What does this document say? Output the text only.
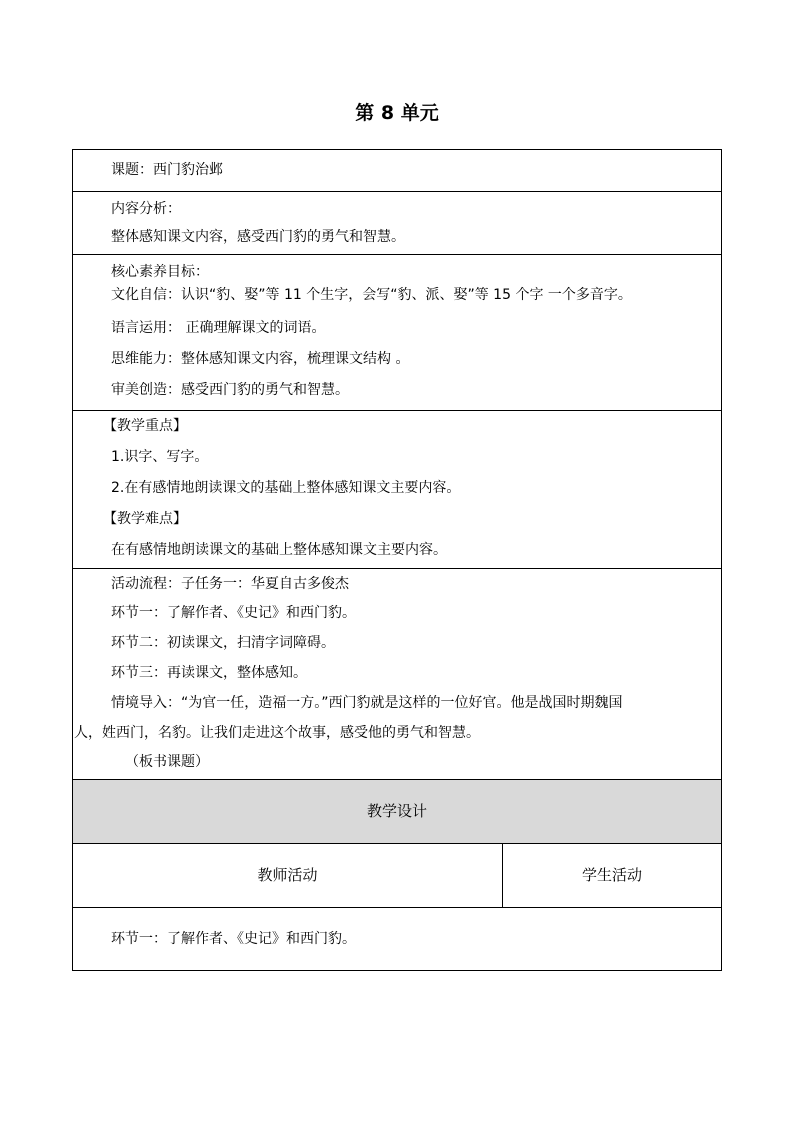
第 8 单元
课题：西门豹治邺
内容分析：
整体感知课文内容，感受西门豹的勇气和智慧。
核心素养目标：
文化自信：认识“豹、娶”等 11 个生字，会写“豹、派、娶”等 15 个字 一个多音字。
语言运用： 正确理解课文的词语。
思维能力：整体感知课文内容，梳理课文结构 。
审美创造：感受西门豹的勇气和智慧。
【教学重点】
1.识字、写字。
2.在有感情地朗读课文的基础上整体感知课文主要内容。
【教学难点】
在有感情地朗读课文的基础上整体感知课文主要内容。
活动流程：子任务一：华夏自古多俊杰
环节一：了解作者、《史记》和西门豹。
环节二：初读课文，扫清字词障碍。
环节三：再读课文，整体感知。
情境导入：“为官一任，造福一方。”西门豹就是这样的一位好官。他是战国时期魏国
人，姓西门，名豹。让我们走进这个故事，感受他的勇气和智慧。
（板书课题）
教学设计
教师活动	学生活动
环节一：了解作者、《史记》和西门豹。
